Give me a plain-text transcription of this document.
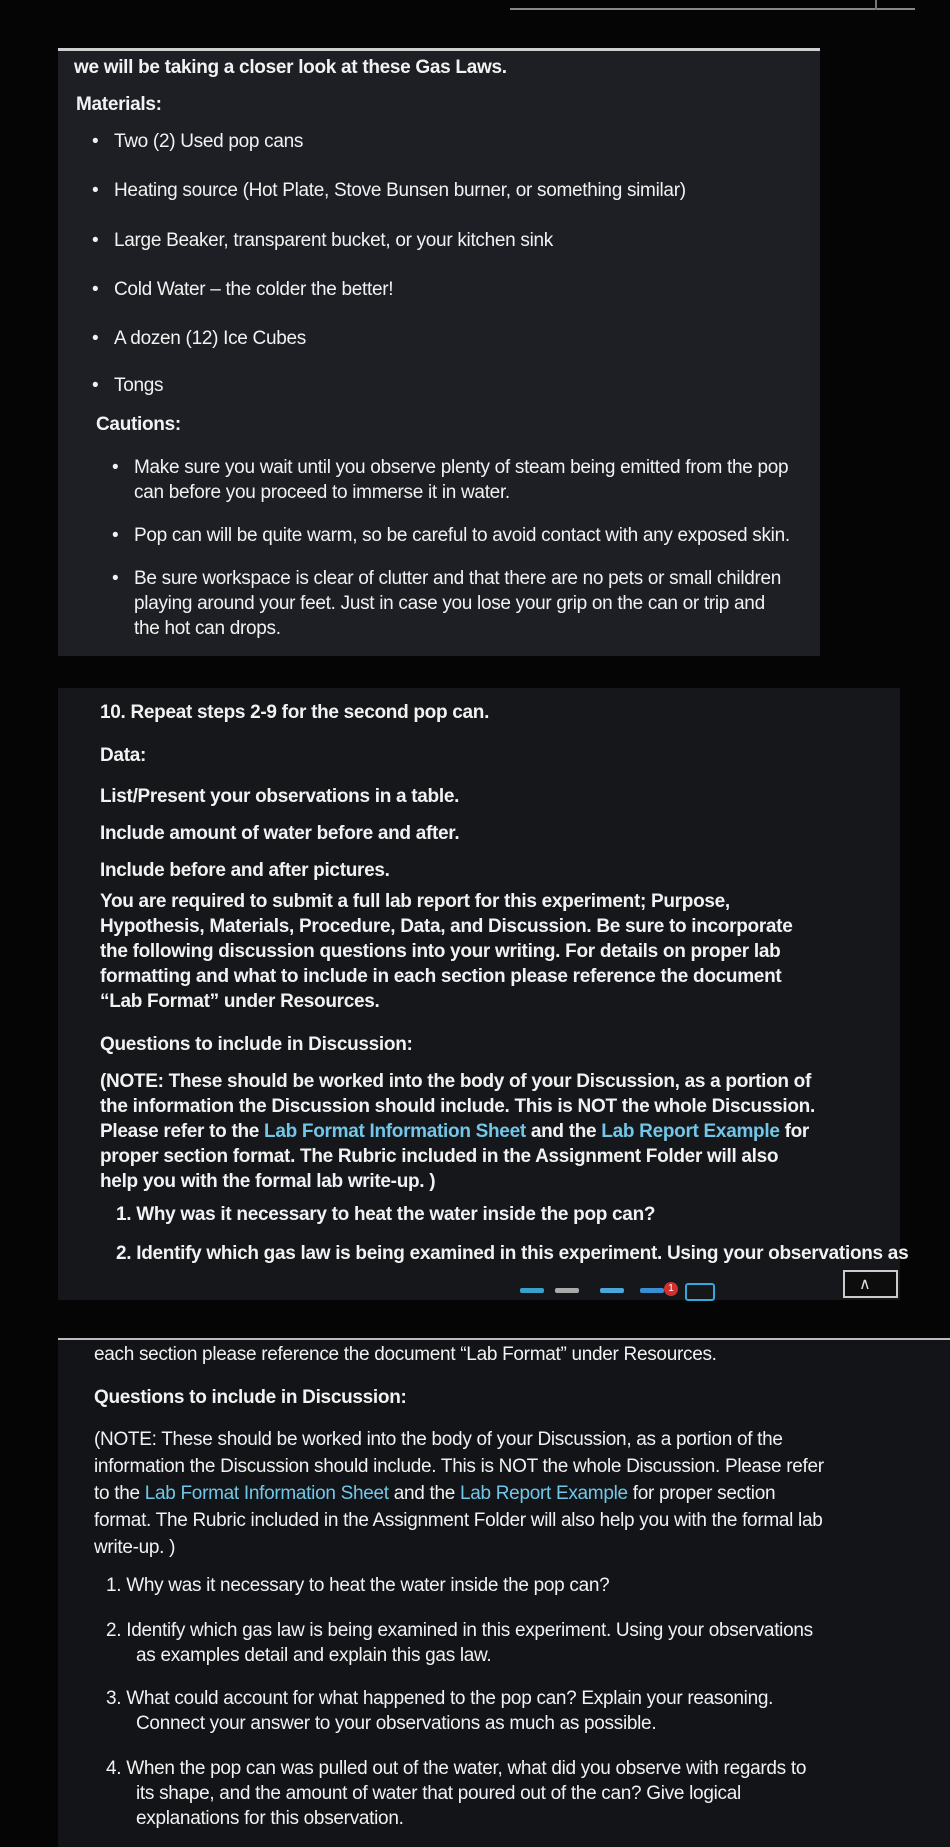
we will be taking a closer look at these Gas Laws.
Materials:
• Two (2) Used pop cans
• Heating source (Hot Plate, Stove Bunsen burner, or something similar)
• Large Beaker, transparent bucket, or your kitchen sink
• Cold Water – the colder the better!
• A dozen (12) Ice Cubes
• Tongs
Cautions:
• Make sure you wait until you observe plenty of steam being emitted from the pop can before you proceed to immerse it in water.
• Pop can will be quite warm, so be careful to avoid contact with any exposed skin.
• Be sure workspace is clear of clutter and that there are no pets or small children playing around your feet. Just in case you lose your grip on the can or trip and the hot can drops.
10. Repeat steps 2-9 for the second pop can.
Data:
List/Present your observations in a table.
Include amount of water before and after.
Include before and after pictures.
You are required to submit a full lab report for this experiment; Purpose, Hypothesis, Materials, Procedure, Data, and Discussion. Be sure to incorporate the following discussion questions into your writing. For details on proper lab formatting and what to include in each section please reference the document “Lab Format” under Resources.
Questions to include in Discussion:
(NOTE: These should be worked into the body of your Discussion, as a portion of the information the Discussion should include. This is NOT the whole Discussion. Please refer to the Lab Format Information Sheet and the Lab Report Example for proper section format. The Rubric included in the Assignment Folder will also help you with the formal lab write-up. )
1. Why was it necessary to heat the water inside the pop can?
2. Identify which gas law is being examined in this experiment. Using your observations as
1	∧
each section please reference the document “Lab Format” under Resources.
Questions to include in Discussion:
(NOTE: These should be worked into the body of your Discussion, as a portion of the information the Discussion should include. This is NOT the whole Discussion. Please refer to the Lab Format Information Sheet and the Lab Report Example for proper section format. The Rubric included in the Assignment Folder will also help you with the formal lab write-up. )
1. Why was it necessary to heat the water inside the pop can?
2. Identify which gas law is being examined in this experiment. Using your observations as examples detail and explain this gas law.
3. What could account for what happened to the pop can? Explain your reasoning. Connect your answer to your observations as much as possible.
4. When the pop can was pulled out of the water, what did you observe with regards to its shape, and the amount of water that poured out of the can? Give logical explanations for this observation.
